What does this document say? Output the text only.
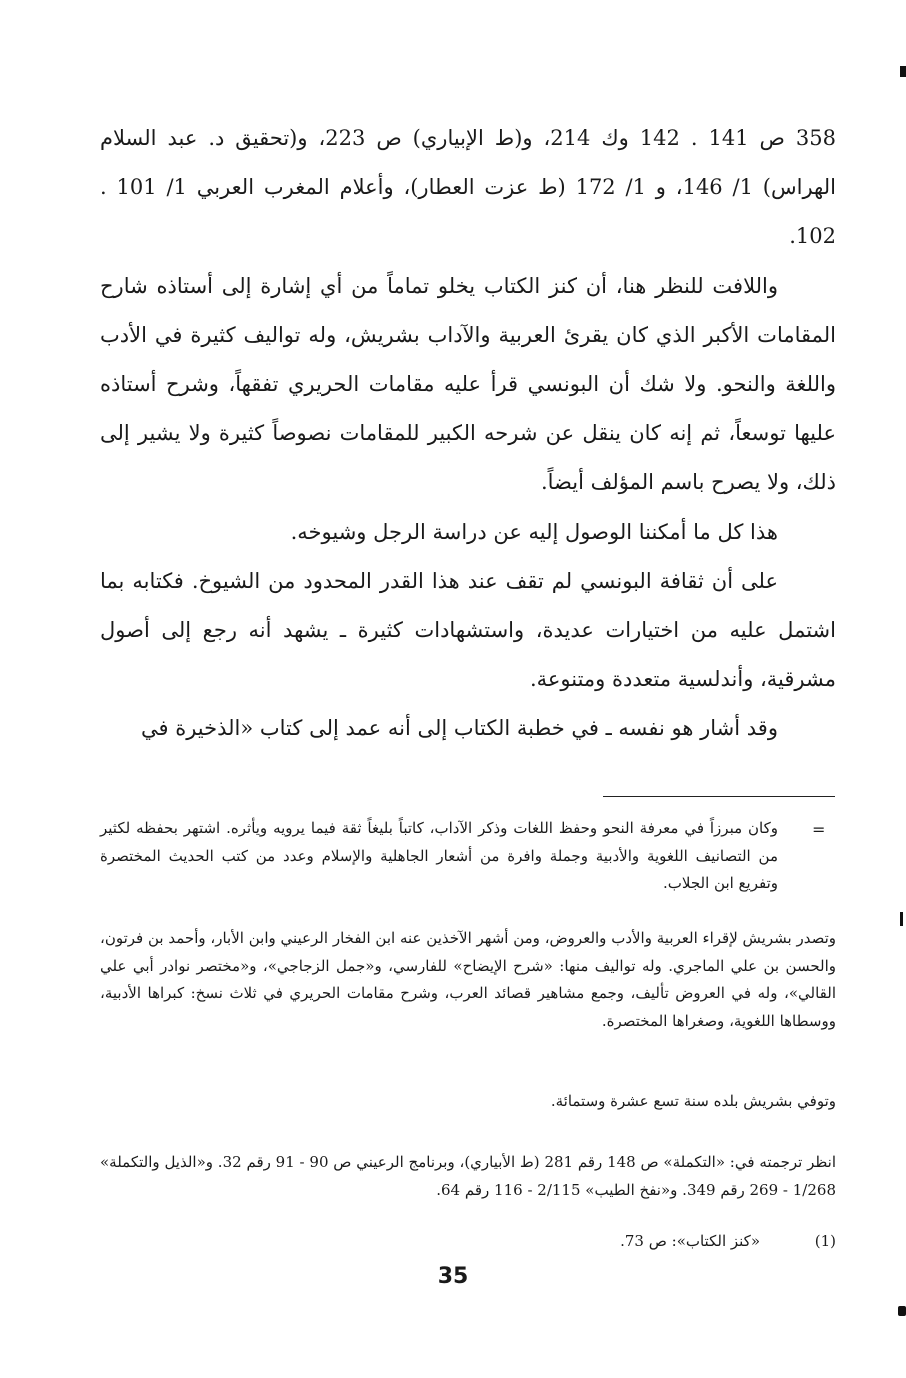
358 ص 141 . 142 وك 214، و(ط الإبياري) ص 223، و(تحقيق د. عبد السلام الهراس) 1/ 146، و 1/ 172 (ط عزت العطار)، وأعلام المغرب العربي 1/ 101 . 102.

واللافت للنظر هنا، أن كنز الكتاب يخلو تماماً من أي إشارة إلى أستاذه شارح المقامات الأكبر الذي كان يقرئ العربية والآداب بشريش، وله تواليف كثيرة في الأدب واللغة والنحو. ولا شك أن البونسي قرأ عليه مقامات الحريري تفقهاً، وشرح أستاذه عليها توسعاً، ثم إنه كان ينقل عن شرحه الكبير للمقامات نصوصاً كثيرة ولا يشير إلى ذلك، ولا يصرح باسم المؤلف أيضاً.

هذا كل ما أمكننا الوصول إليه عن دراسة الرجل وشيوخه.

على أن ثقافة البونسي لم تقف عند هذا القدر المحدود من الشيوخ. فكتابه بما اشتمل عليه من اختيارات عديدة، واستشهادات كثيرة ـ يشهد أنه رجع إلى أصول مشرقية، وأندلسية متعددة ومتنوعة.

وقد أشار هو نفسه ـ في خطبة الكتاب إلى أنه عمد إلى كتاب «الذخيرة في

=

وكان مبرزاً في معرفة النحو وحفظ اللغات وذكر الآداب، كاتباً بليغاً ثقة فيما يرويه ويأثره. اشتهر بحفظه لكثير من التصانيف اللغوية والأدبية وجملة وافرة من أشعار الجاهلية والإسلام وعدد من كتب الحديث المختصرة وتفريع ابن الجلاب.

وتصدر بشريش لإقراء العربية والأدب والعروض، ومن أشهر الآخذين عنه ابن الفخار الرعيني وابن الأبار، وأحمد بن فرتون، والحسن بن علي الماجري. وله تواليف منها: «شرح الإيضاح» للفارسي، و«جمل الزجاجي»، و«مختصر نوادر أبي علي القالي»، وله في العروض تأليف، وجمع مشاهير قصائد العرب، وشرح مقامات الحريري في ثلاث نسخ: كبراها الأدبية، ووسطاها اللغوية، وصغراها المختصرة.

وتوفي بشريش بلده سنة تسع عشرة وستمائة.

انظر ترجمته في: «التكملة» ص 148 رقم 281 (ط الأبياري)، وبرنامج الرعيني ص 90 - 91 رقم 32. و«الذيل والتكملة» 1/268 - 269 رقم 349. و«نفخ الطيب» 2/115 - 116 رقم 64.

(1)
«كنز الكتاب»: ص 73.
35
